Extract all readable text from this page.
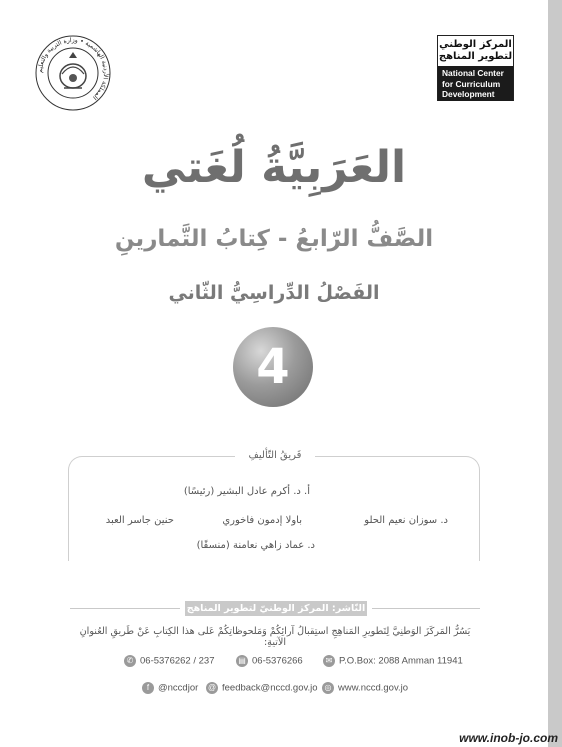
المملكة الأردنية الهاشمية • وزارة التربية والتعليم
المركز الوطني
لتطوير المناهج
National Center
for Curriculum
Development
العَرَبِيَّةُ لُغَتي
الصَّفُّ الرّابعُ - كِتابُ التَّمارينِ
الفَصْلُ الدِّراسِيُّ الثّاني
4
فَريقُ التّأليفِ
أ. د. أكرم عادل البشير (رئيسًا)
د. سوزان نعيم الحلو
باولا إدمون فاخوري
حنين جاسر العبد
د. عماد زاهي نعامنة (منسقًا)
النّاشر: المركز الوطنيّ لتطوير المناهج
يَسُرُّ المَركَزَ الوَطنِيَّ لِتَطويرِ المَناهِجِ استِقبالُ آرائِكُمْ وَمَلحوظاتِكُمْ عَلى هذا الكِتابِ عَنْ طَريقِ العُنوانِ الآتيةِ:
✆ 06-5376262 / 237	▤ 06-5376266	✉ P.O.Box: 2088 Amman 11941
f @nccdjor @ feedback@nccd.gov.jo ◎ www.nccd.gov.jo
www.inob-jo.com
